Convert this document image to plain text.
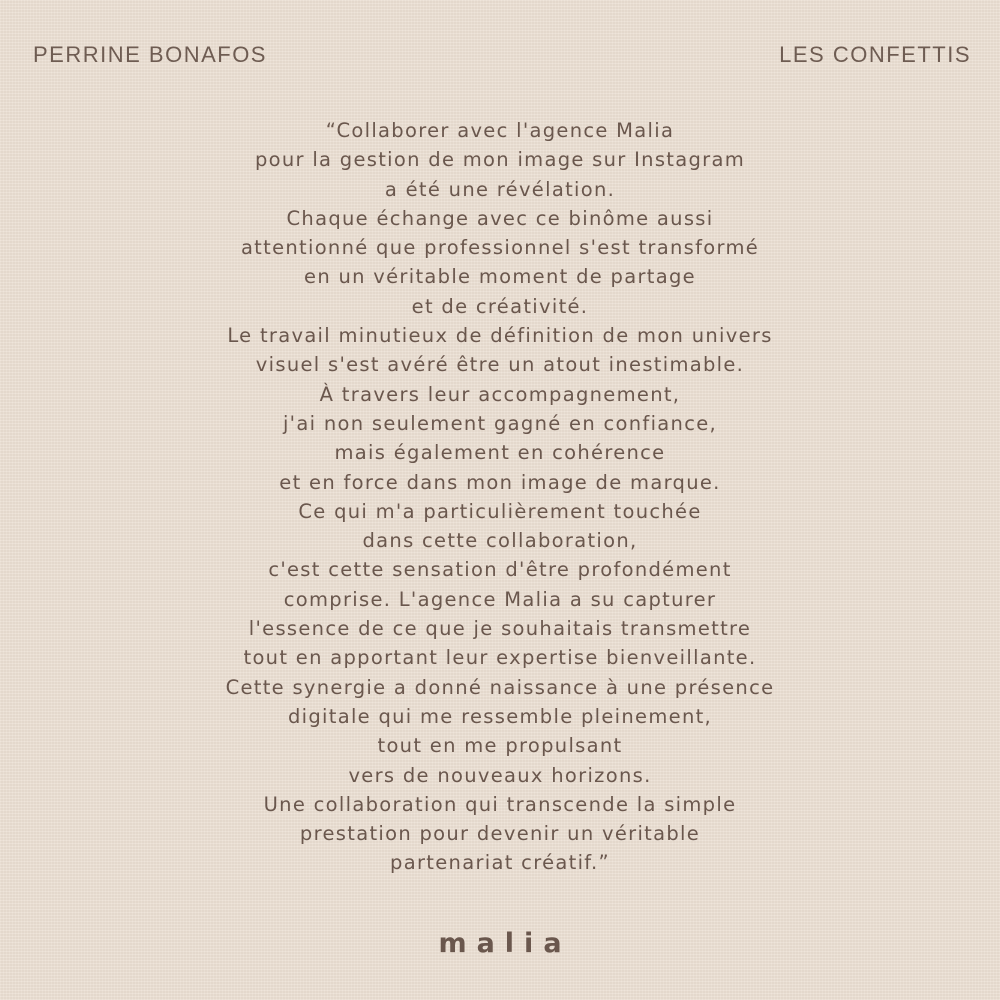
PERRINE BONAFOS	LES CONFETTIS
“Collaborer avec l'agence Malia
pour la gestion de mon image sur Instagram
a été une révélation.
Chaque échange avec ce binôme aussi
attentionné que professionnel s'est transformé
en un véritable moment de partage
et de créativité.
Le travail minutieux de définition de mon univers
visuel s'est avéré être un atout inestimable.
À travers leur accompagnement,
j'ai non seulement gagné en confiance,
mais également en cohérence
et en force dans mon image de marque.
Ce qui m'a particulièrement touchée
dans cette collaboration,
c'est cette sensation d'être profondément
comprise. L'agence Malia a su capturer
l'essence de ce que je souhaitais transmettre
tout en apportant leur expertise bienveillante.
Cette synergie a donné naissance à une présence
digitale qui me ressemble pleinement,
tout en me propulsant
vers de nouveaux horizons.
Une collaboration qui transcende la simple
prestation pour devenir un véritable
partenariat créatif.”
malia
